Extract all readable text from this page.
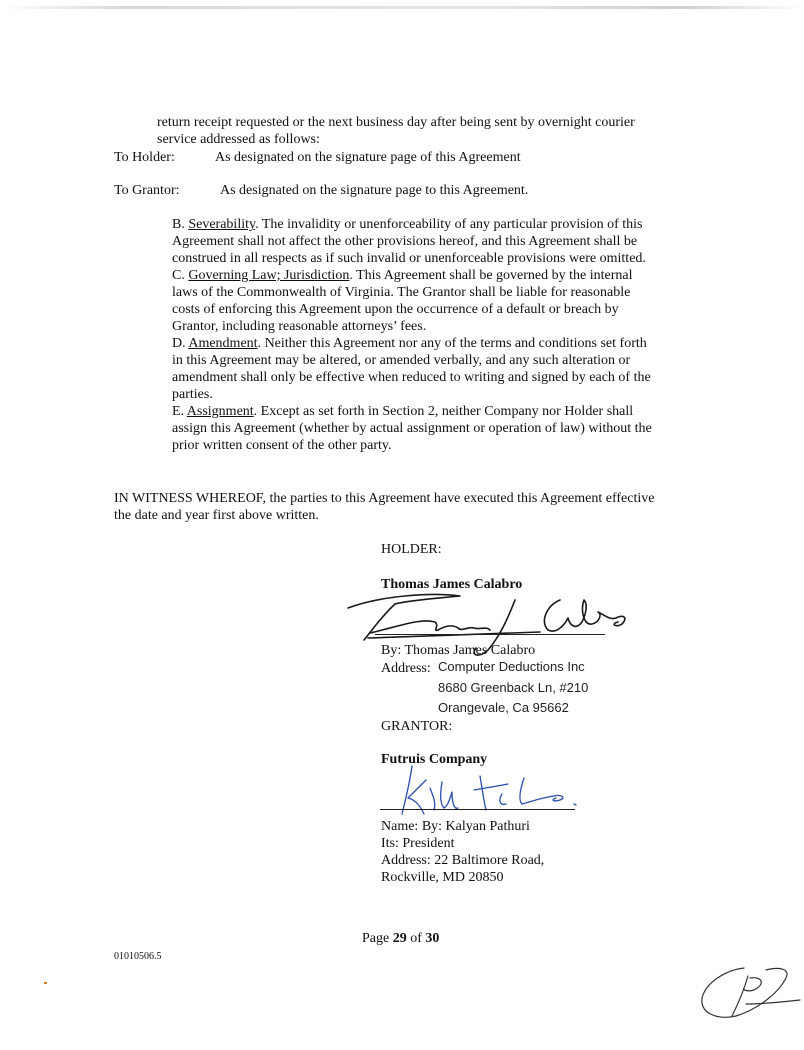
return receipt requested or the next business day after being sent by overnight courier
service addressed as follows:
To Holder:	As designated on the signature page of this Agreement
To Grantor:	As designated on the signature page to this Agreement.
B. Severability. The invalidity or unenforceability of any particular provision of this
Agreement shall not affect the other provisions hereof, and this Agreement shall be
construed in all respects as if such invalid or unenforceable provisions were omitted.
C. Governing Law; Jurisdiction. This Agreement shall be governed by the internal
laws of the Commonwealth of Virginia. The Grantor shall be liable for reasonable
costs of enforcing this Agreement upon the occurrence of a default or breach by
Grantor, including reasonable attorneys’ fees.
D. Amendment. Neither this Agreement nor any of the terms and conditions set forth
in this Agreement may be altered, or amended verbally, and any such alteration or
amendment shall only be effective when reduced to writing and signed by each of the
parties.
E. Assignment. Except as set forth in Section 2, neither Company nor Holder shall
assign this Agreement (whether by actual assignment or operation of law) without the
prior written consent of the other party.
IN WITNESS WHEREOF, the parties to this Agreement have executed this Agreement effective
the date and year first above written.
HOLDER:
Thomas James Calabro
By: Thomas James Calabro
Address: Computer Deductions Inc
8680 Greenback Ln, #210
Orangevale, Ca 95662
GRANTOR:
Futruis Company
Name: By: Kalyan Pathuri
Its: President
Address: 22 Baltimore Road,
Rockville, MD 20850
Page 29 of 30
01010506.5
